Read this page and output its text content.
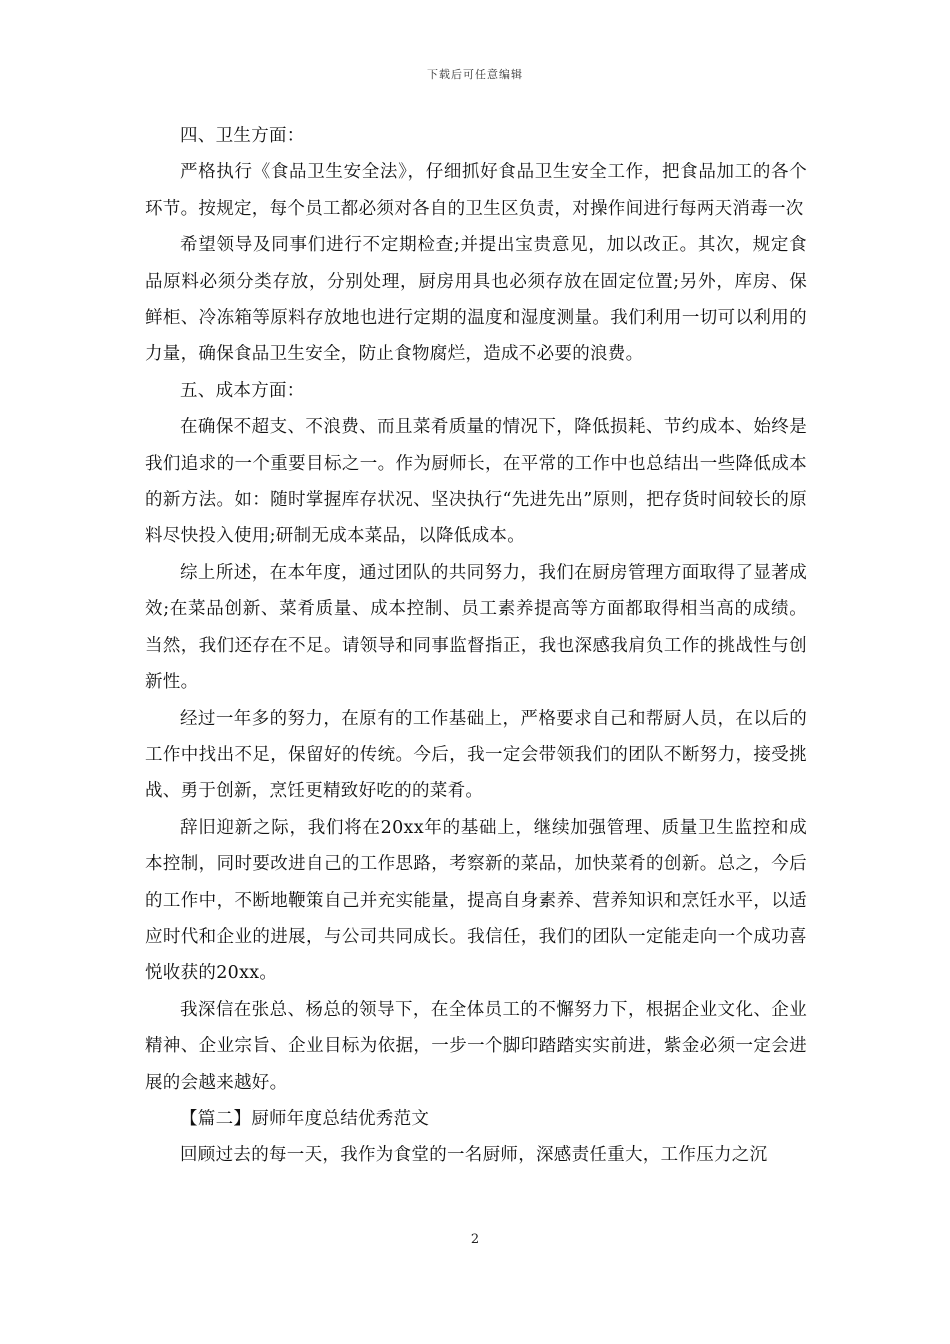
下载后可任意编辑

四、卫生方面：

严格执行《食品卫生安全法》，仔细抓好食品卫生安全工作，把食品加工的各个环节。按规定，每个员工都必须对各自的卫生区负责，对操作间进行每两天消毒一次

希望领导及同事们进行不定期检查;并提出宝贵意见，加以改正。其次，规定食品原料必须分类存放，分别处理，厨房用具也必须存放在固定位置;另外，库房、保鲜柜、冷冻箱等原料存放地也进行定期的温度和湿度测量。我们利用一切可以利用的力量，确保食品卫生安全，防止食物腐烂，造成不必要的浪费。

五、成本方面：

在确保不超支、不浪费、而且菜肴质量的情况下，降低损耗、节约成本、始终是我们追求的一个重要目标之一。作为厨师长，在平常的工作中也总结出一些降低成本的新方法。如：随时掌握库存状况、坚决执行“先进先出”原则，把存货时间较长的原料尽快投入使用;研制无成本菜品，以降低成本。

综上所述，在本年度，通过团队的共同努力，我们在厨房管理方面取得了显著成效;在菜品创新、菜肴质量、成本控制、员工素养提高等方面都取得相当高的成绩。当然，我们还存在不足。请领导和同事监督指正，我也深感我肩负工作的挑战性与创新性。

经过一年多的努力，在原有的工作基础上，严格要求自己和帮厨人员，在以后的工作中找出不足，保留好的传统。今后，我一定会带领我们的团队不断努力，接受挑战、勇于创新，烹饪更精致好吃的的菜肴。

辞旧迎新之际，我们将在20xx年的基础上，继续加强管理、质量卫生监控和成本控制，同时要改进自己的工作思路，考察新的菜品，加快菜肴的创新。总之，今后的工作中，不断地鞭策自己并充实能量，提高自身素养、营养知识和烹饪水平，以适应时代和企业的进展，与公司共同成长。我信任，我们的团队一定能走向一个成功喜悦收获的20xx。

我深信在张总、杨总的领导下，在全体员工的不懈努力下，根据企业文化、企业精神、企业宗旨、企业目标为依据，一步一个脚印踏踏实实前进，紫金必须一定会进展的会越来越好。

【篇二】厨师年度总结优秀范文

回顾过去的每一天，我作为食堂的一名厨师，深感责任重大，工作压力之沉

2
